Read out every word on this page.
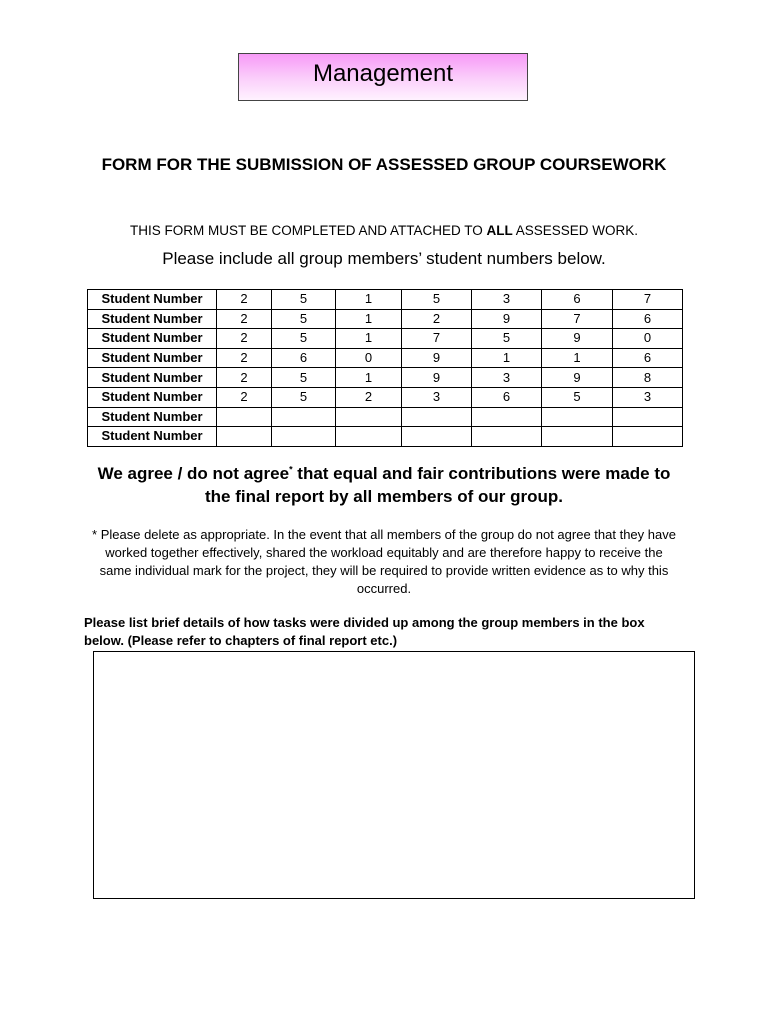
Management
FORM FOR THE SUBMISSION OF ASSESSED GROUP COURSEWORK
THIS FORM MUST BE COMPLETED AND ATTACHED TO ALL ASSESSED WORK.
Please include all group members’ student numbers below.
Student Number	2	5	1	5	3	6	7
Student Number	2	5	1	2	9	7	6
Student Number	2	5	1	7	5	9	0
Student Number	2	6	0	9	1	1	6
Student Number	2	5	1	9	3	9	8
Student Number	2	5	2	3	6	5	3
Student Number							
Student Number							
We agree / do not agree* that equal and fair contributions were made to the final report by all members of our group.
* Please delete as appropriate. In the event that all members of the group do not agree that they have worked together effectively, shared the workload equitably and are therefore happy to receive the same individual mark for the project, they will be required to provide written evidence as to why this occurred.
Please list brief details of how tasks were divided up among the group members in the box below. (Please refer to chapters of final report etc.)
